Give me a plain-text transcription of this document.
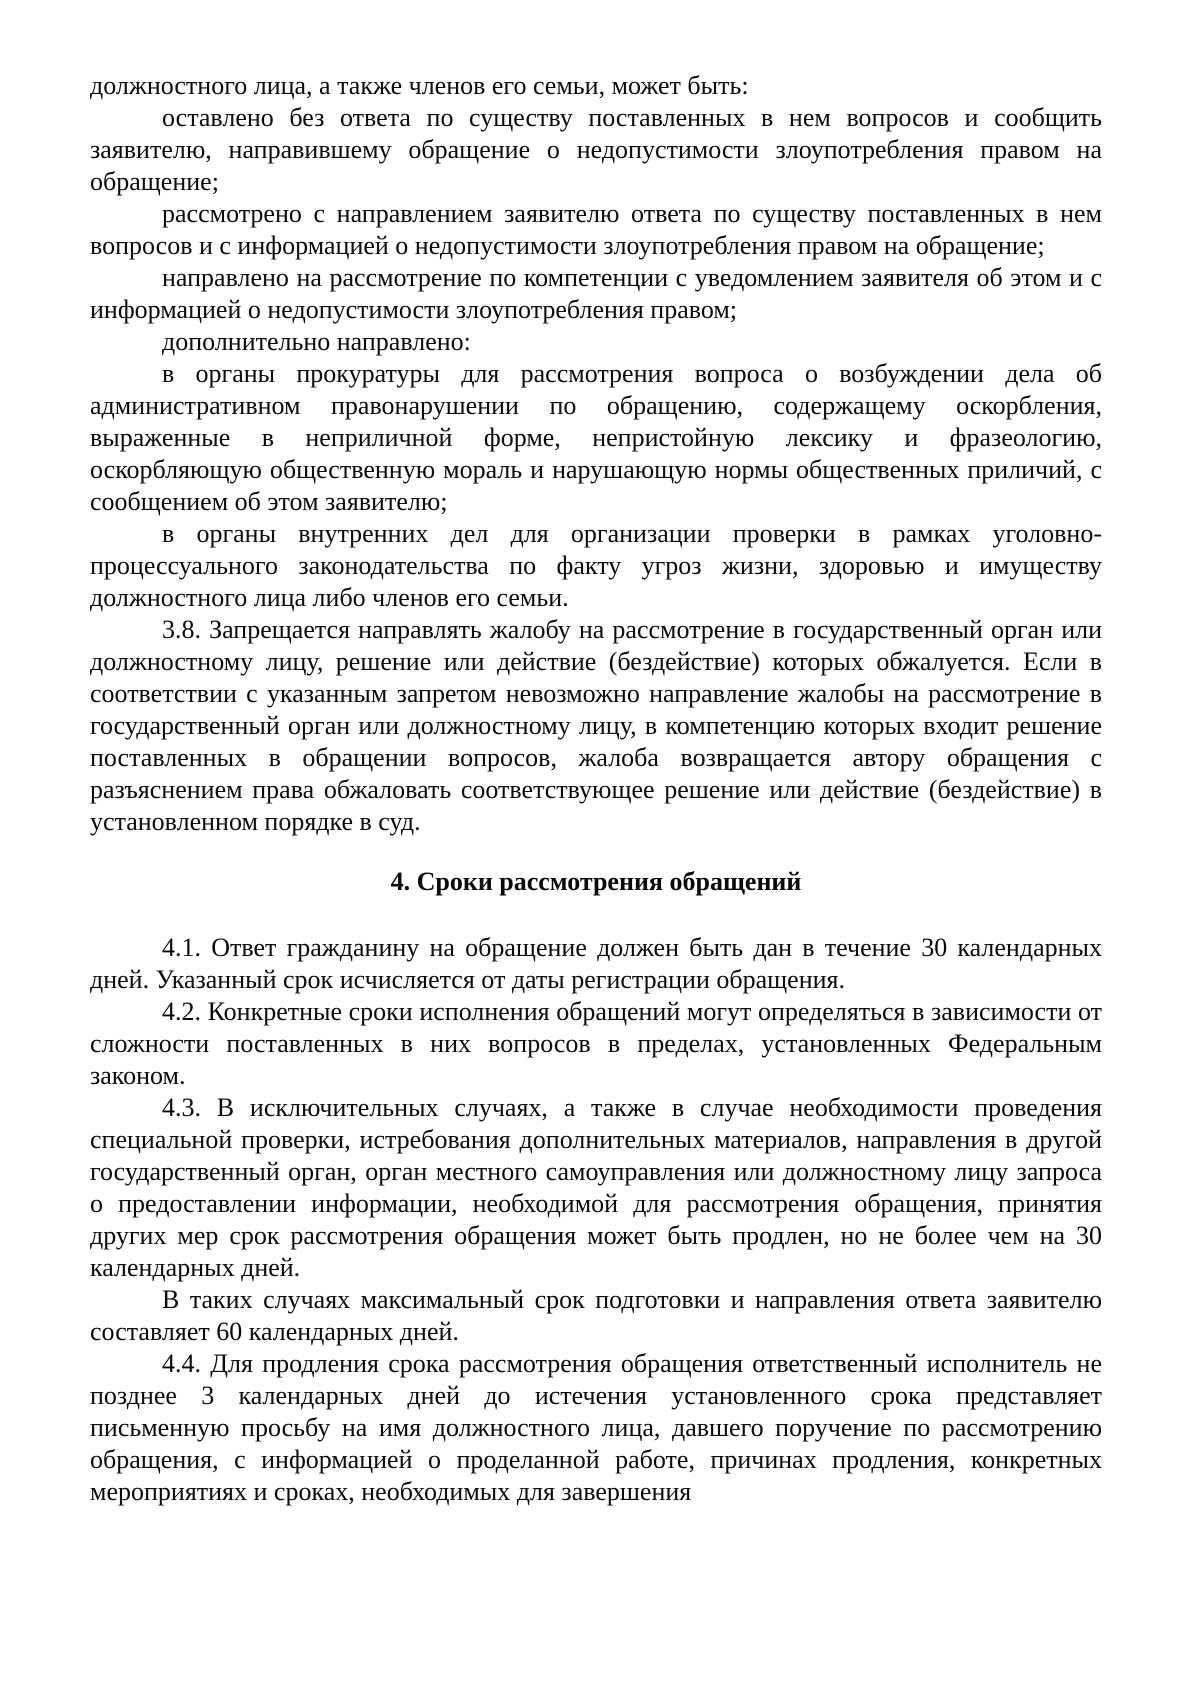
должностного лица, а также членов его семьи, может быть:

оставлено без ответа по существу поставленных в нем вопросов и сообщить заявителю, направившему обращение о недопустимости злоупотребления правом на обращение;

рассмотрено с направлением заявителю ответа по существу поставленных в нем вопросов и с информацией о недопустимости злоупотребления правом на обращение;

направлено на рассмотрение по компетенции с уведомлением заявителя об этом и с информацией о недопустимости злоупотребления правом;

дополнительно направлено:

в органы прокуратуры для рассмотрения вопроса о возбуждении дела об административном правонарушении по обращению, содержащему оскорбления, выраженные в неприличной форме, непристойную лексику и фразеологию, оскорбляющую общественную мораль и нарушающую нормы общественных приличий, с сообщением об этом заявителю;

в органы внутренних дел для организации проверки в рамках уголовно-процессуального законодательства по факту угроз жизни, здоровью и имуществу должностного лица либо членов его семьи.

3.8. Запрещается направлять жалобу на рассмотрение в государственный орган или должностному лицу, решение или действие (бездействие) которых обжалуется. Если в соответствии с указанным запретом невозможно направление жалобы на рассмотрение в государственный орган или должностному лицу, в компетенцию которых входит решение поставленных в обращении вопросов, жалоба возвращается автору обращения с разъяснением права обжаловать соответствующее решение или действие (бездействие) в установленном порядке в суд.

4. Сроки рассмотрения обращений

4.1. Ответ гражданину на обращение должен быть дан в течение 30 календарных дней. Указанный срок исчисляется от даты регистрации обращения.

4.2. Конкретные сроки исполнения обращений могут определяться в зависимости от сложности поставленных в них вопросов в пределах, установленных Федеральным законом.

4.3. В исключительных случаях, а также в случае необходимости проведения специальной проверки, истребования дополнительных материалов, направления в другой государственный орган, орган местного самоуправления или должностному лицу запроса о предоставлении информации, необходимой для рассмотрения обращения, принятия других мер срок рассмотрения обращения может быть продлен, но не более чем на 30 календарных дней.

В таких случаях максимальный срок подготовки и направления ответа заявителю составляет 60 календарных дней.

4.4. Для продления срока рассмотрения обращения ответственный исполнитель не позднее 3 календарных дней до истечения установленного срока представляет письменную просьбу на имя должностного лица, давшего поручение по рассмотрению обращения, с информацией о проделанной работе, причинах продления, конкретных мероприятиях и сроках, необходимых для завершения
